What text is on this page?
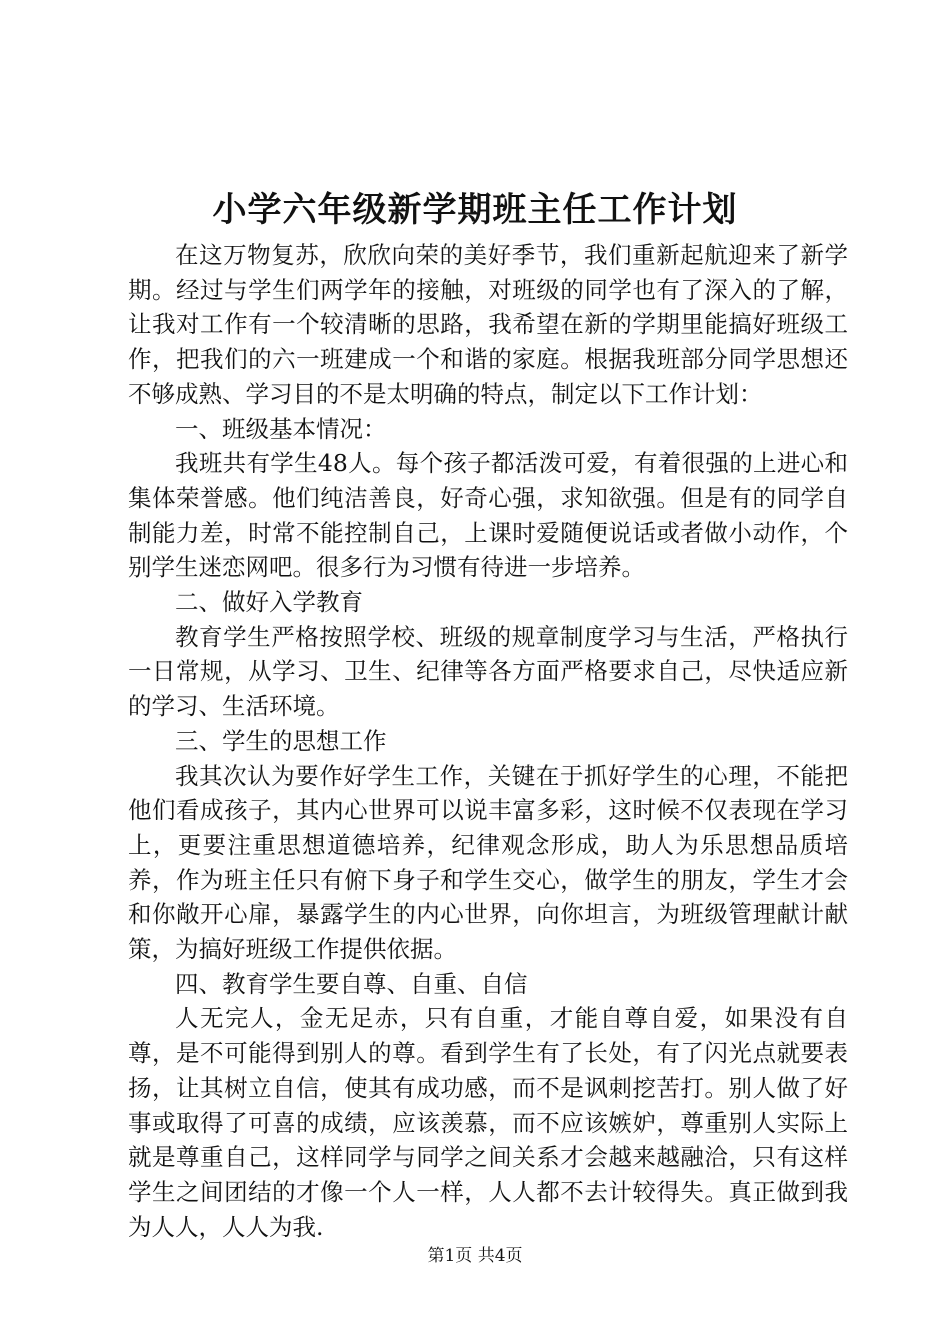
小学六年级新学期班主任工作计划

在这万物复苏，欣欣向荣的美好季节，我们重新起航迎来了新学期。经过与学生们两学年的接触，对班级的同学也有了深入的了解，让我对工作有一个较清晰的思路，我希望在新的学期里能搞好班级工作，把我们的六一班建成一个和谐的家庭。根据我班部分同学思想还不够成熟、学习目的不是太明确的特点，制定以下工作计划：

一、班级基本情况：

我班共有学生48人。每个孩子都活泼可爱，有着很强的上进心和集体荣誉感。他们纯洁善良，好奇心强，求知欲强。但是有的同学自制能力差，时常不能控制自己，上课时爱随便说话或者做小动作，个别学生迷恋网吧。很多行为习惯有待进一步培养。

二、做好入学教育

教育学生严格按照学校、班级的规章制度学习与生活，严格执行一日常规，从学习、卫生、纪律等各方面严格要求自己，尽快适应新的学习、生活环境。

三、学生的思想工作

我其次认为要作好学生工作，关键在于抓好学生的心理，不能把他们看成孩子，其内心世界可以说丰富多彩，这时候不仅表现在学习上，更要注重思想道德培养，纪律观念形成，助人为乐思想品质培养，作为班主任只有俯下身子和学生交心，做学生的朋友，学生才会和你敞开心扉，暴露学生的内心世界，向你坦言，为班级管理献计献策，为搞好班级工作提供依据。

四、教育学生要自尊、自重、自信

人无完人，金无足赤，只有自重，才能自尊自爱，如果没有自尊，是不可能得到别人的尊。看到学生有了长处，有了闪光点就要表扬，让其树立自信，使其有成功感，而不是讽刺挖苦打。别人做了好事或取得了可喜的成绩，应该羡慕，而不应该嫉妒，尊重别人实际上就是尊重自己，这样同学与同学之间关系才会越来越融洽，只有这样学生之间团结的才像一个人一样，人人都不去计较得失。真正做到我为人人，人人为我.

第1页 共4页
